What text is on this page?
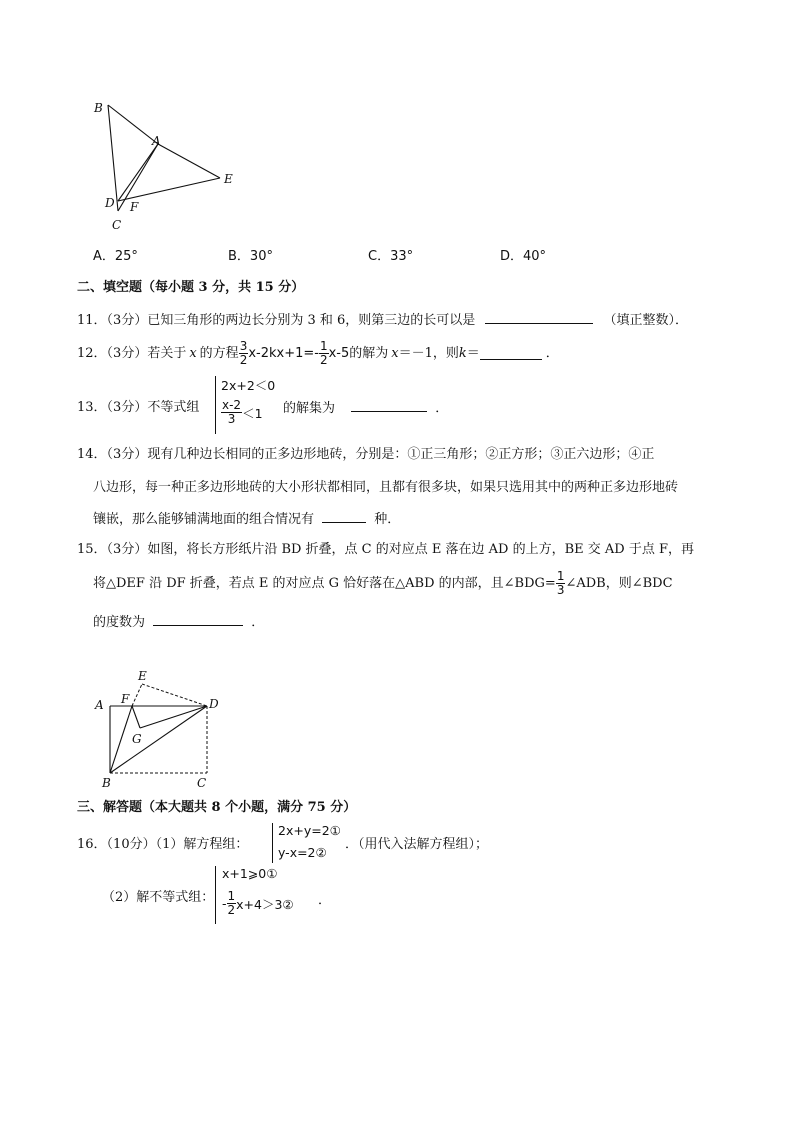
B
A
E
D F
C
A．25°	B．30°	C．33°	D．40°
二、填空题（每小题 3 分，共 15 分）
11．（3分）已知三角形的两边长分别为 3 和 6，则第三边的长可以是	（填正整数）．
12．（3分）若关于 x 的方程 $\frac{3}{2} x-2kx+1=- \frac{1}{2} x-5$ 的解为 x ＝－1，则 k ＝	．
13．（3分）不等式组
2x+2＜0
$\frac{x-2}{3} <1$ 的解集为	．
14．（3分）现有几种边长相同的正多边形地砖，分别是：①正三角形；②正方形；③正六边形；④正
八边形，每一种正多边形地砖的大小形状都相同，且都有很多块，如果只选用其中的两种正多边形地砖
镶嵌，那么能够铺满地面的组合情况有	种．
15．（3分）如图，将长方形纸片沿 BD 折叠，点 C 的对应点 E 落在边 AD 的上方，BE 交 AD 于点 F，再
将△DEF 沿 DF 折叠，若点 E 的对应点 G 恰好落在△ABD 的内部，且∠BDG= $\frac{1}{3}$ ∠ADB，则∠BDC
的度数为	．
E
A F	D
G
B	C
三、解答题（本大题共 8 个小题，满分 75 分）
16．（10分）（1）解方程组：
2x+y=2①
y-x=2②
．（用代入法解方程组）；
（2）解不等式组：
x+1⩾0①
- $\frac{1}{2}$ x+4＞3② ．
